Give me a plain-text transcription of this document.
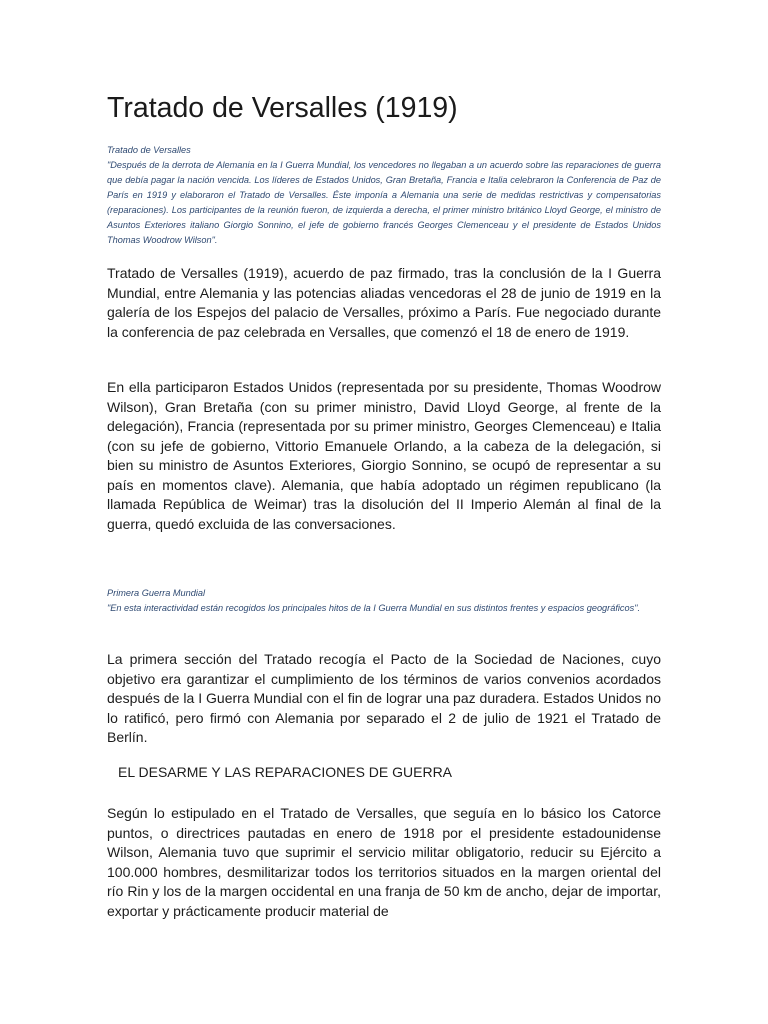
Tratado de Versalles (1919)
Tratado de Versalles

"Después de la derrota de Alemania en la I Guerra Mundial, los vencedores no llegaban a un acuerdo sobre las reparaciones de guerra que debía pagar la nación vencida. Los líderes de Estados Unidos, Gran Bretaña, Francia e Italia celebraron la Conferencia de Paz de París en 1919 y elaboraron el Tratado de Versalles. Éste imponía a Alemania una serie de medidas restrictivas y compensatorias (reparaciones). Los participantes de la reunión fueron, de izquierda a derecha, el primer ministro británico Lloyd George, el ministro de Asuntos Exteriores italiano Giorgio Sonnino, el jefe de gobierno francés Georges Clemenceau y el presidente de Estados Unidos Thomas Woodrow Wilson".

Tratado de Versalles (1919), acuerdo de paz firmado, tras la conclusión de la I Guerra Mundial, entre Alemania y las potencias aliadas vencedoras el 28 de junio de 1919 en la galería de los Espejos del palacio de Versalles, próximo a París. Fue negociado durante la conferencia de paz celebrada en Versalles, que comenzó el 18 de enero de 1919.

En ella participaron Estados Unidos (representada por su presidente, Thomas Woodrow Wilson), Gran Bretaña (con su primer ministro, David Lloyd George, al frente de la delegación), Francia (representada por su primer ministro, Georges Clemenceau) e Italia (con su jefe de gobierno, Vittorio Emanuele Orlando, a la cabeza de la delegación, si bien su ministro de Asuntos Exteriores, Giorgio Sonnino, se ocupó de representar a su país en momentos clave). Alemania, que había adoptado un régimen republicano (la llamada República de Weimar) tras la disolución del II Imperio Alemán al final de la guerra, quedó excluida de las conversaciones.

Primera Guerra Mundial

"En esta interactividad están recogidos los principales hitos de la I Guerra Mundial en sus distintos frentes y espacios geográficos".

La primera sección del Tratado recogía el Pacto de la Sociedad de Naciones, cuyo objetivo era garantizar el cumplimiento de los términos de varios convenios acordados después de la I Guerra Mundial con el fin de lograr una paz duradera. Estados Unidos no lo ratificó, pero firmó con Alemania por separado el 2 de julio de 1921 el Tratado de Berlín.

EL DESARME Y LAS REPARACIONES DE GUERRA

Según lo estipulado en el Tratado de Versalles, que seguía en lo básico los Catorce puntos, o directrices pautadas en enero de 1918 por el presidente estadounidense Wilson, Alemania tuvo que suprimir el servicio militar obligatorio, reducir su Ejército a 100.000 hombres, desmilitarizar todos los territorios situados en la margen oriental del río Rin y los de la margen occidental en una franja de 50 km de ancho, dejar de importar, exportar y prácticamente producir material de
